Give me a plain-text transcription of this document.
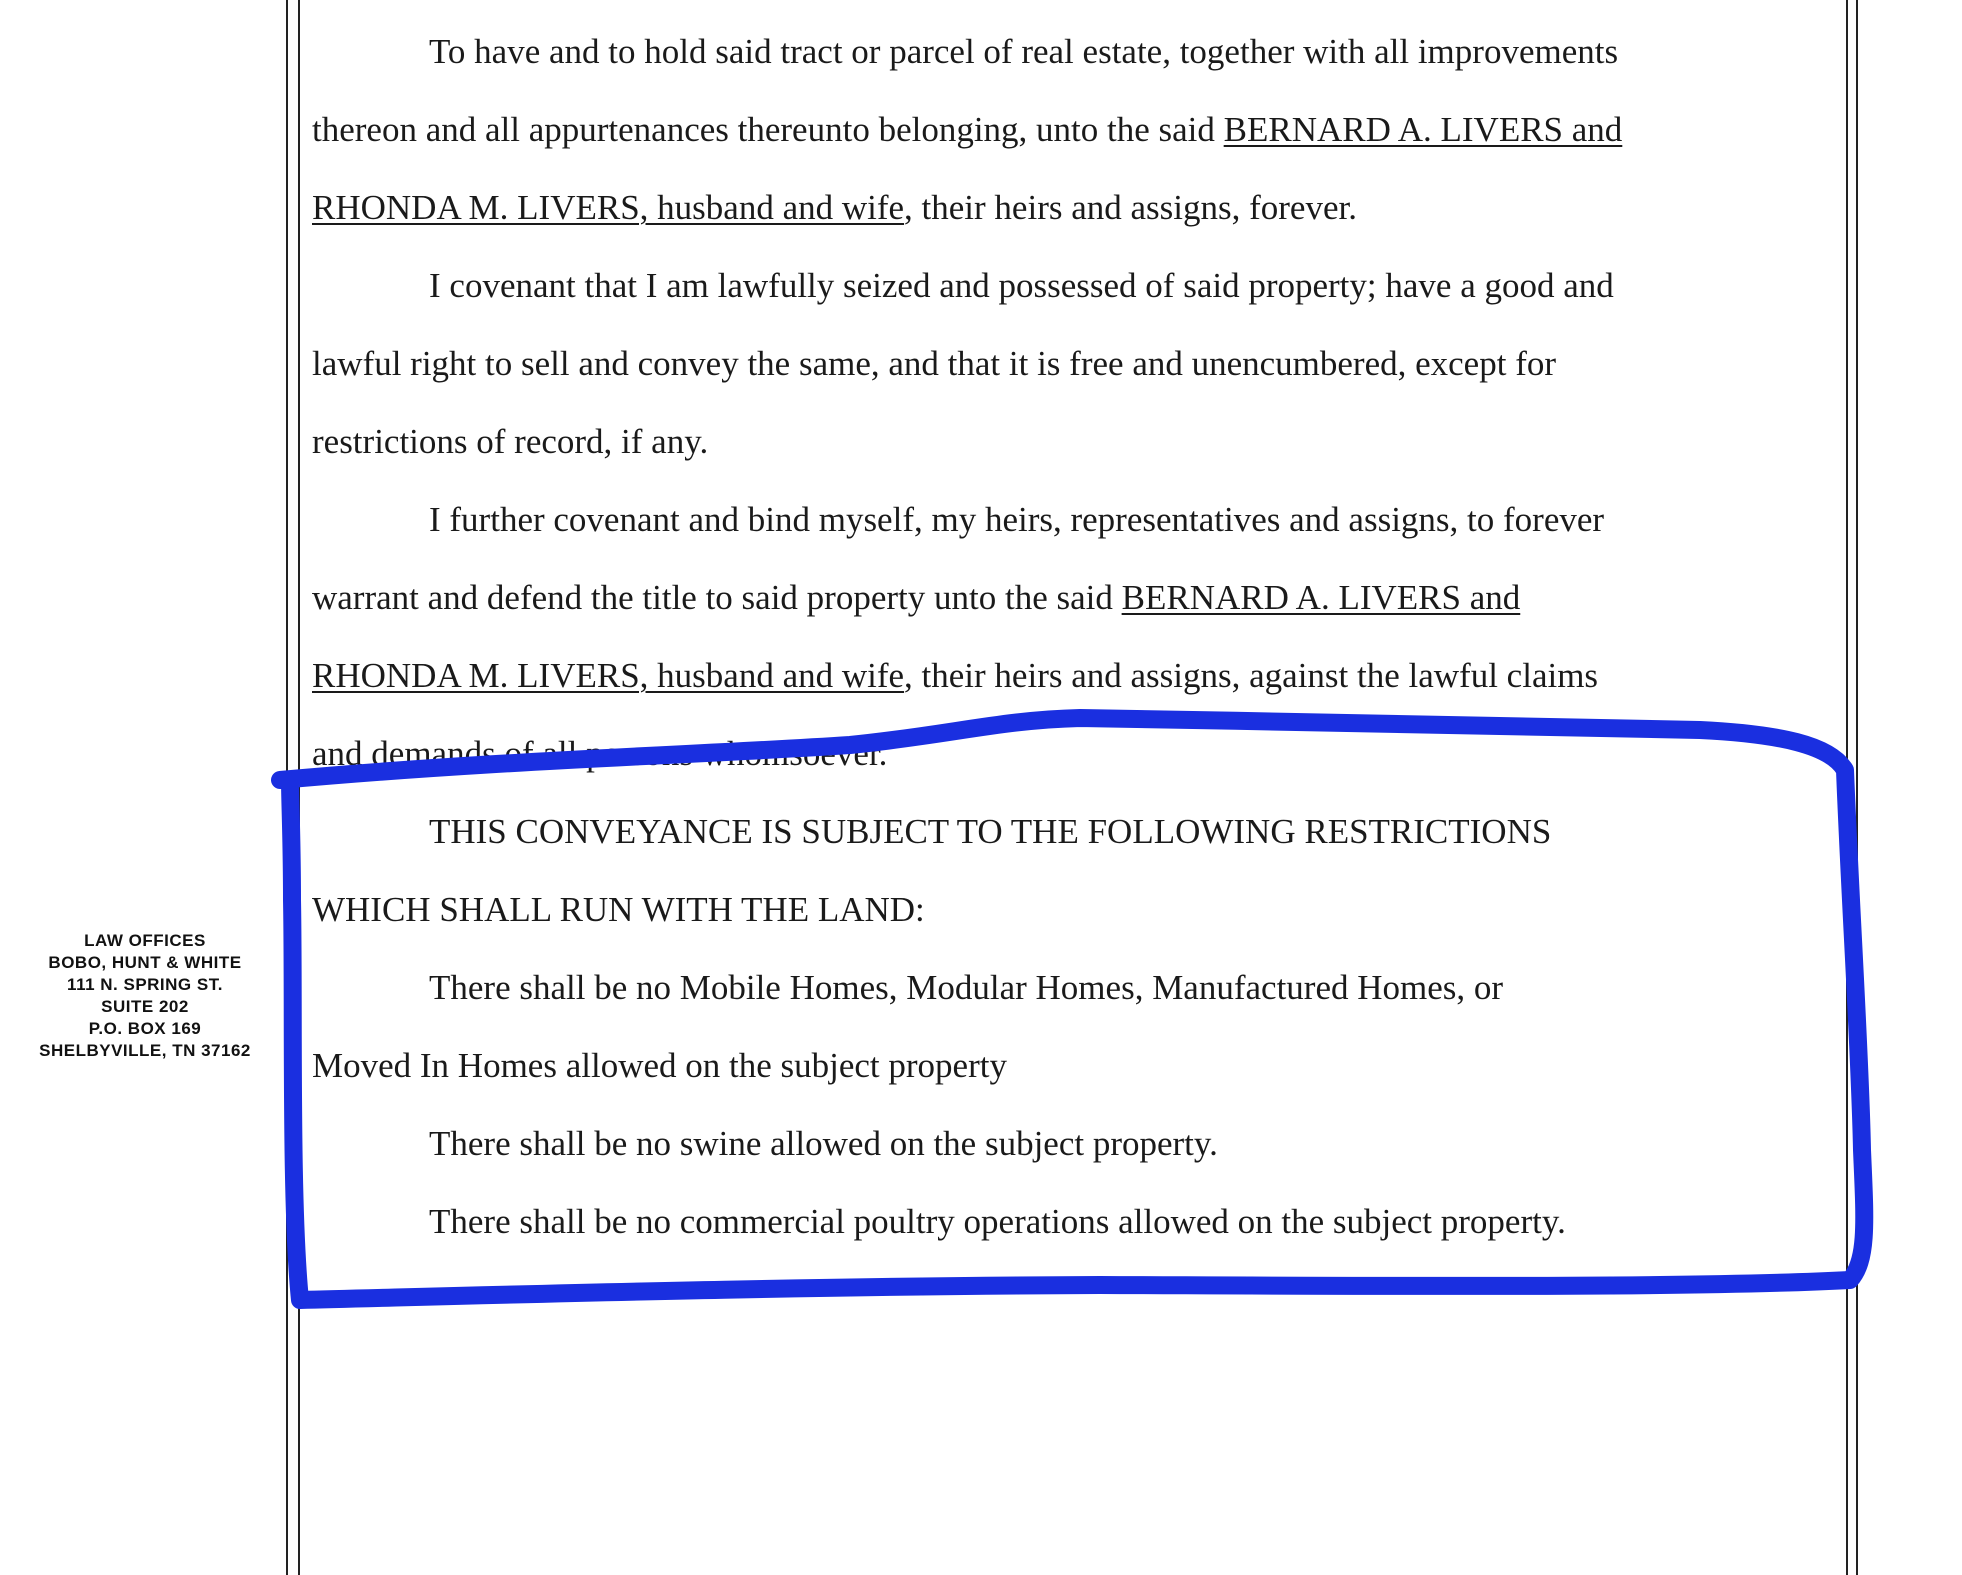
LAW OFFICES
BOBO, HUNT & WHITE
111 N. SPRING ST.
SUITE 202
P.O. BOX 169
SHELBYVILLE, TN 37162
To have and to hold said tract or parcel of real estate, together with all improvements
thereon and all appurtenances thereunto belonging, unto the said BERNARD A. LIVERS and
RHONDA M. LIVERS, husband and wife, their heirs and assigns, forever.
I covenant that I am lawfully seized and possessed of said property; have a good and
lawful right to sell and convey the same, and that it is free and unencumbered, except for
restrictions of record, if any.
I further covenant and bind myself, my heirs, representatives and assigns, to forever
warrant and defend the title to said property unto the said BERNARD A. LIVERS and
RHONDA M. LIVERS, husband and wife, their heirs and assigns, against the lawful claims
and demands of all persons whomsoever.
THIS CONVEYANCE IS SUBJECT TO THE FOLLOWING RESTRICTIONS
WHICH SHALL RUN WITH THE LAND:
There shall be no Mobile Homes, Modular Homes, Manufactured Homes, or
Moved In Homes allowed on the subject property
There shall be no swine allowed on the subject property.
There shall be no commercial poultry operations allowed on the subject property.
